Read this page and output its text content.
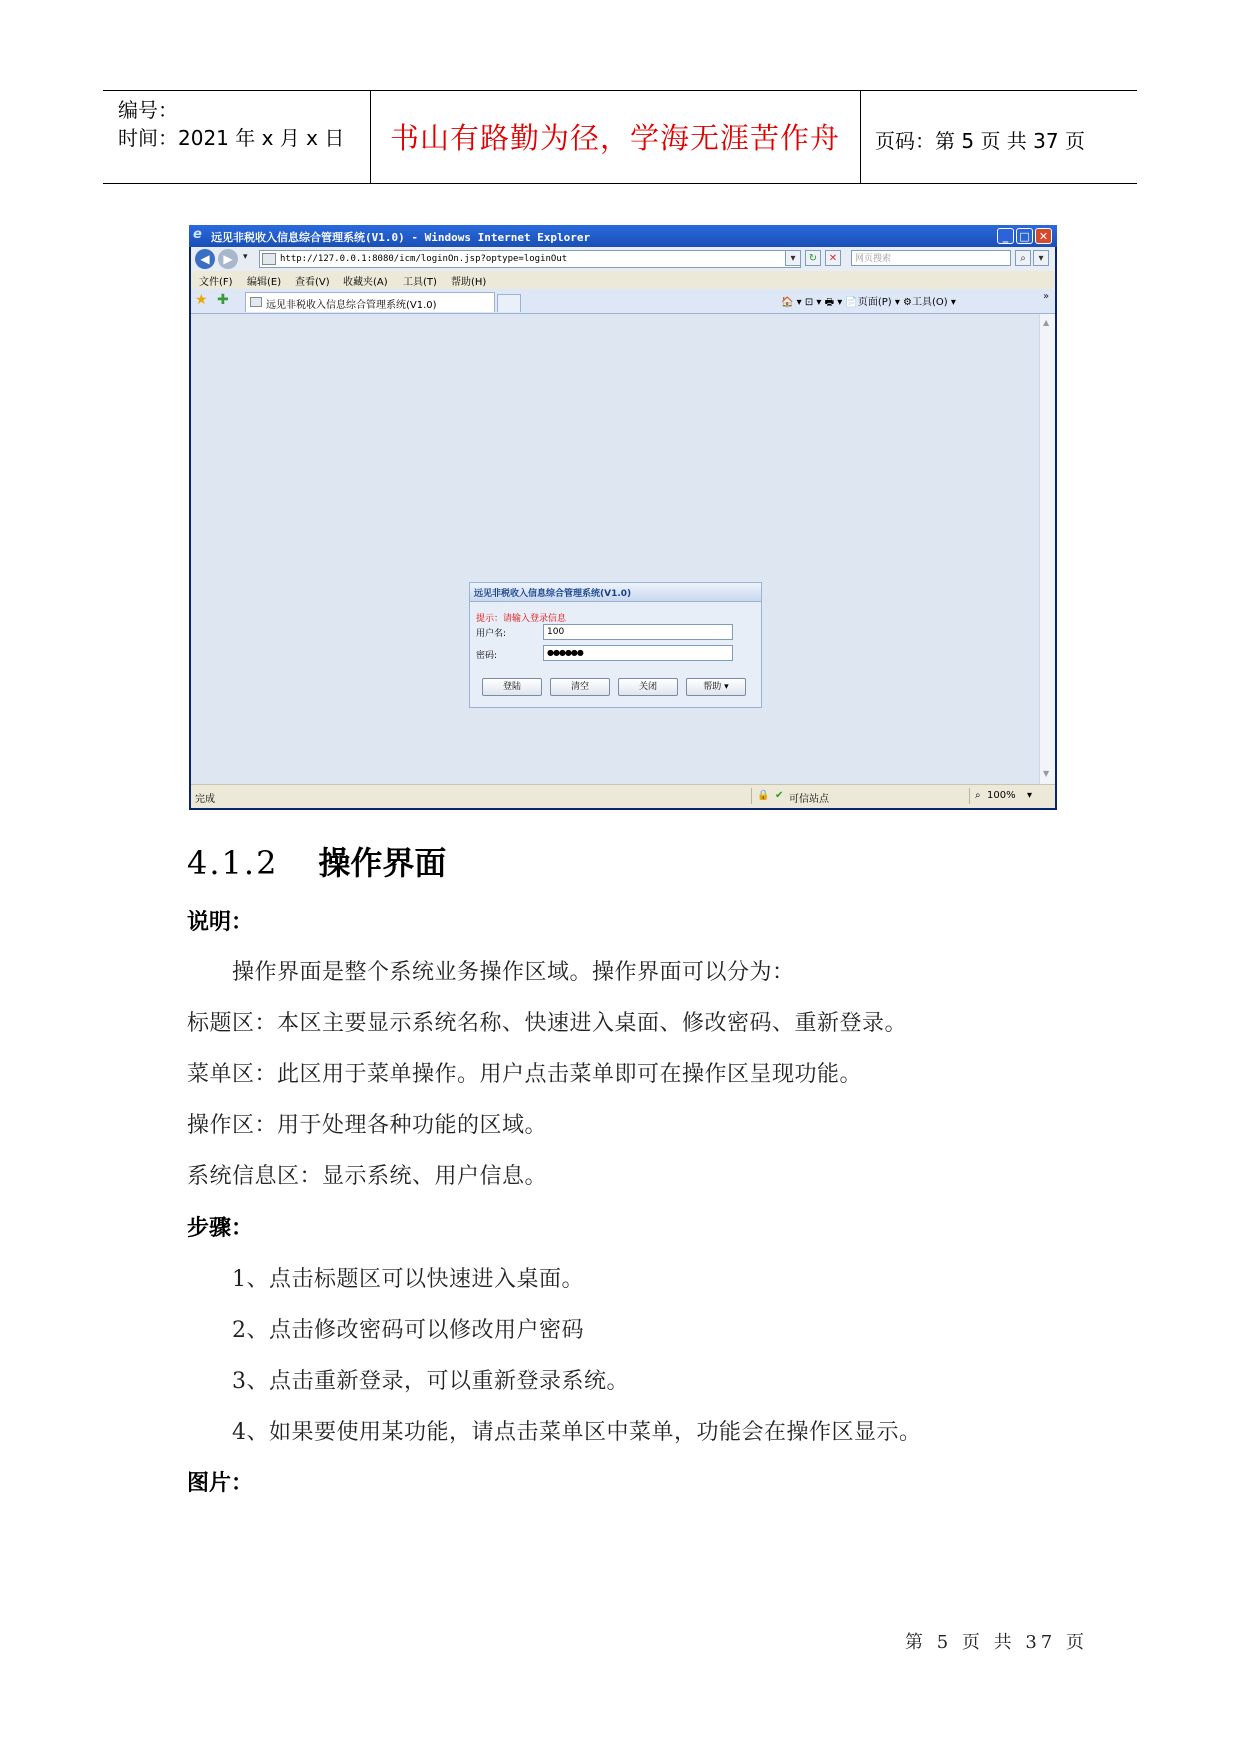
编号：
时间：2021 年 x 月 x 日	书山有路勤为径，学海无涯苦作舟	页码：第 5 页 共 37 页
e 远见非税收入信息综合管理系统(V1.0) - Windows Internet Explorer	_	□ ✕
◀	▶	▾	http://127.0.0.1:8080/icm/loginOn.jsp?optype=loginOut	▾	↻	✕	网页搜索	⌕	▾
文件(F) 编辑(E) 查看(V) 收藏夹(A) 工具(T) 帮助(H)
★ ✚	远见非税收入信息综合管理系统(V1.0)	🏠 ▾ ⊡ ▾ 🖶 ▾ 📄页面(P) ▾ ⚙工具(O) ▾
»
远见非税收入信息综合管理系统(V1.0)
提示：请输入登录信息
用户名:	100
密码:	●●●●●●
登陆	清空	关闭	帮助 ▾
▲
▼
完成	🔒 ✔ 可信站点	⌕ 100% ▾
4.1.2 操作界面
说明：
操作界面是整个系统业务操作区域。操作界面可以分为：
标题区：本区主要显示系统名称、快速进入桌面、修改密码、重新登录。
菜单区：此区用于菜单操作。用户点击菜单即可在操作区呈现功能。
操作区：用于处理各种功能的区域。
系统信息区：显示系统、用户信息。
步骤：
1、点击标题区可以快速进入桌面。
2、点击修改密码可以修改用户密码
3、点击重新登录，可以重新登录系统。
4、如果要使用某功能，请点击菜单区中菜单，功能会在操作区显示。
图片：
第 5 页 共 37 页
